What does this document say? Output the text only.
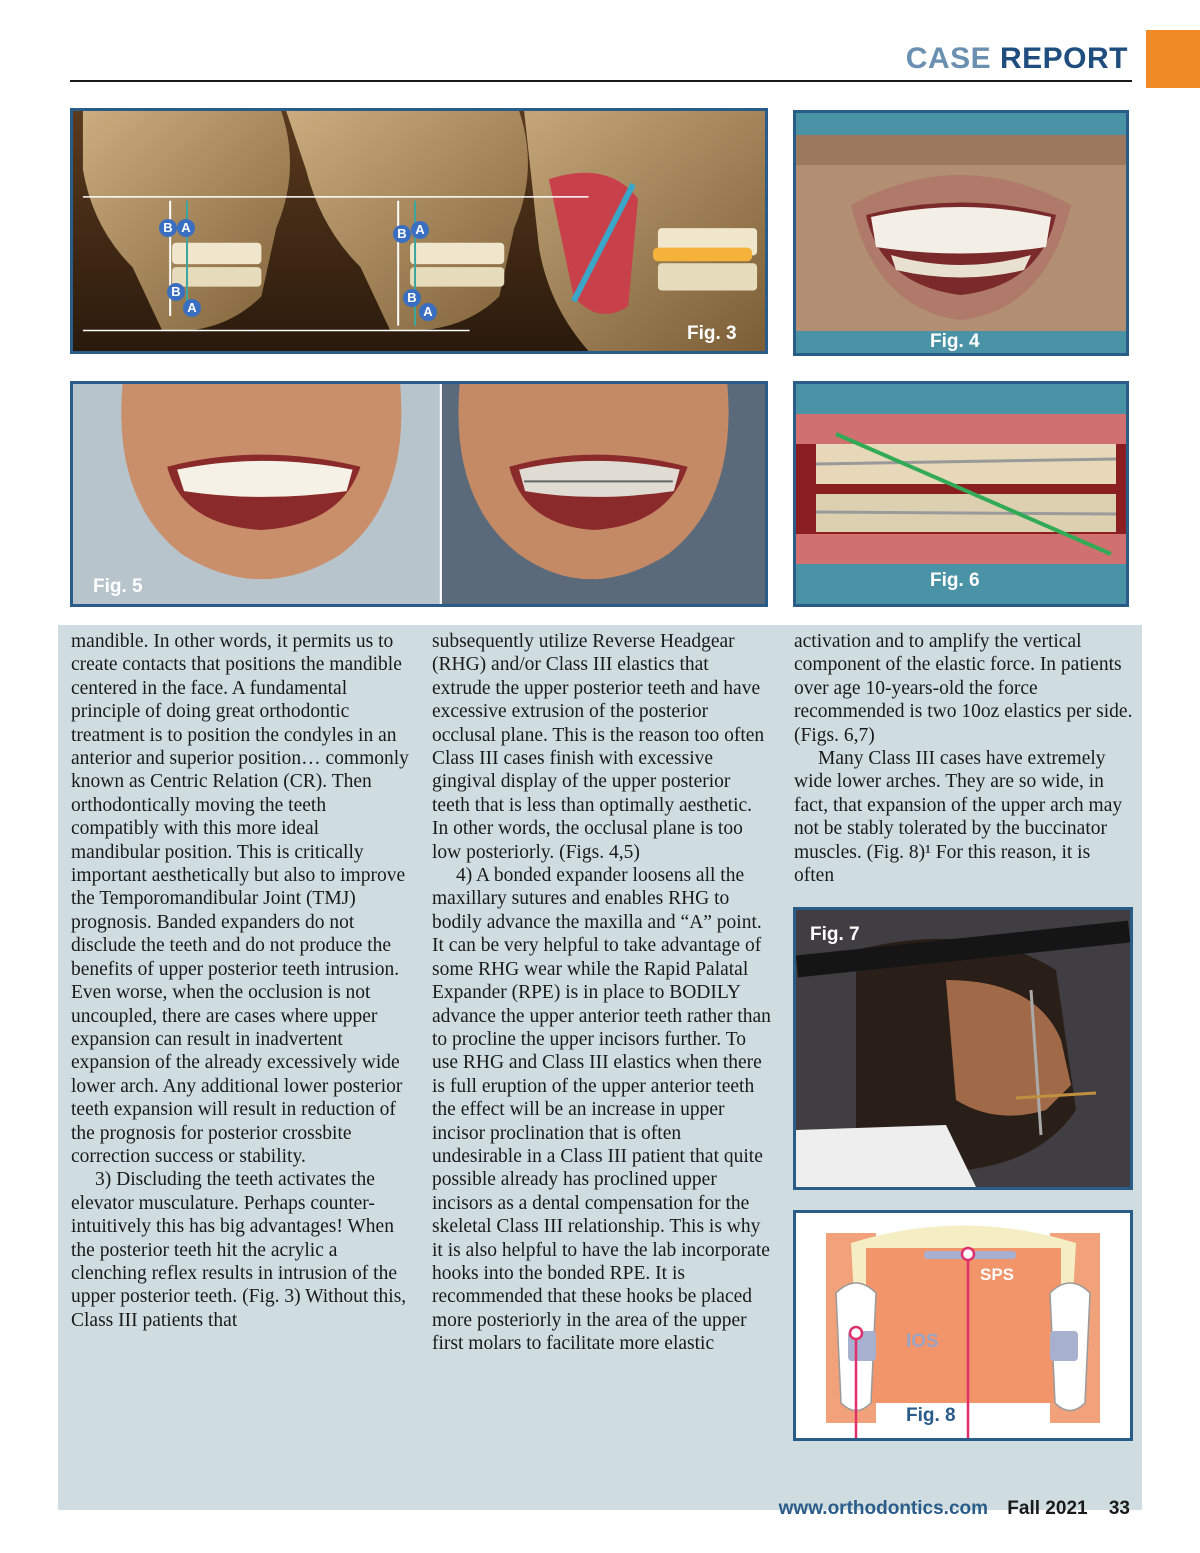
CASE REPORT
B A
B
A
B A
B
A
Fig. 3	Fig. 4
Fig. 5	Fig. 6

mandible. In other words, it permits us to create contacts that positions the mandible centered in the face. A fundamental principle of doing great orthodontic treatment is to position the condyles in an anterior and superior position… commonly known as Centric Relation (CR). Then orthodontically moving the teeth compatibly with this more ideal mandibular position. This is critically important aesthetically but also to improve the Temporomandibular Joint (TMJ) prognosis. Banded expanders do not disclude the teeth and do not produce the benefits of upper posterior teeth intrusion. Even worse, when the occlusion is not uncoupled, there are cases where upper expansion can result in inadvertent expansion of the already excessively wide lower arch. Any additional lower posterior teeth expansion will result in reduction of the prognosis for posterior crossbite correction success or stability.

3) Discluding the teeth activates the elevator musculature. Perhaps counter-intuitively this has big advantages! When the posterior teeth hit the acrylic a clenching reflex results in intrusion of the upper posterior teeth. (Fig. 3) Without this, Class III patients that

subsequently utilize Reverse Headgear (RHG) and/or Class III elastics that extrude the upper posterior teeth and have excessive extrusion of the posterior occlusal plane. This is the reason too often Class III cases finish with excessive gingival display of the upper posterior teeth that is less than optimally aesthetic. In other words, the occlusal plane is too low posteriorly. (Figs. 4,5)

4) A bonded expander loosens all the maxillary sutures and enables RHG to bodily advance the maxilla and “A” point. It can be very helpful to take advantage of some RHG wear while the Rapid Palatal Expander (RPE) is in place to BODILY advance the upper anterior teeth rather than to procline the upper incisors further. To use RHG and Class III elastics when there is full eruption of the upper anterior teeth the effect will be an increase in upper incisor proclination that is often undesirable in a Class III patient that quite possible already has proclined upper incisors as a dental compensation for the skeletal Class III relationship. This is why it is also helpful to have the lab incorporate hooks into the bonded RPE. It is recommended that these hooks be placed more posteriorly in the area of the upper first molars to facilitate more elastic

activation and to amplify the vertical component of the elastic force. In patients over age 10-years-old the force recommended is two 10oz elastics per side. (Figs. 6,7)

Many Class III cases have extremely wide lower arches. They are so wide, in fact, that expansion of the upper arch may not be stably tolerated by the buccinator muscles. (Fig. 8)¹ For this reason, it is often

Fig. 7
SPS
IOS
Fig. 8
www.orthodontics.com Fall 2021 33
